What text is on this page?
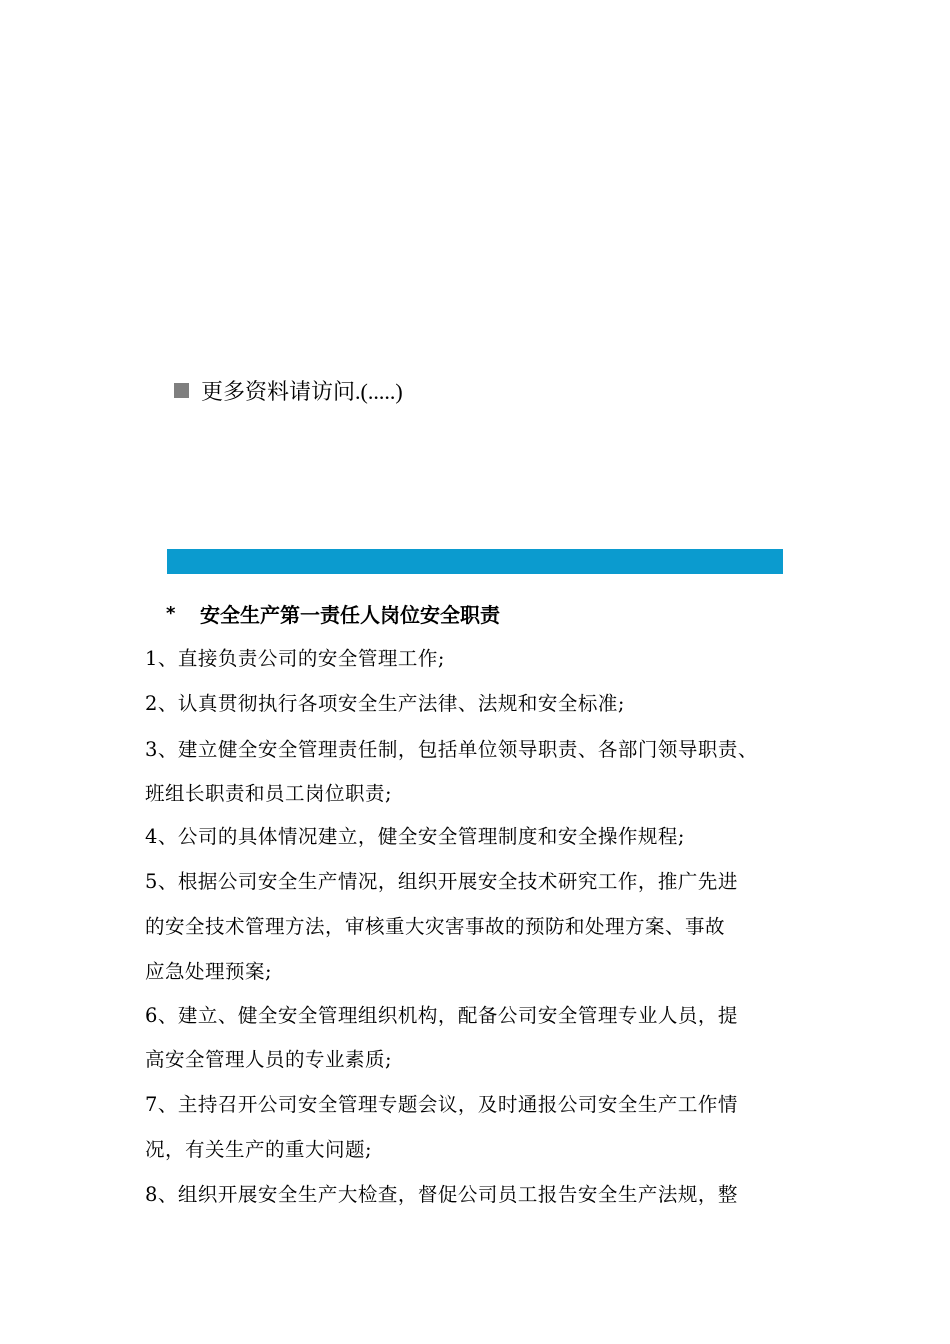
更多资料请访问.(.....)
*	安全生产第一责任人岗位安全职责
1、直接负责公司的安全管理工作;
2、认真贯彻执行各项安全生产法律、法规和安全标准;
3、建立健全安全管理责任制，包括单位领导职责、各部门领导职责、
班组长职责和员工岗位职责;
4、公司的具体情况建立，健全安全管理制度和安全操作规程;
5、根据公司安全生产情况，组织开展安全技术研究工作，推广先进
的安全技术管理方法，审核重大灾害事故的预防和处理方案、事故
应急处理预案;
6、建立、健全安全管理组织机构，配备公司安全管理专业人员，提
高安全管理人员的专业素质;
7、主持召开公司安全管理专题会议，及时通报公司安全生产工作情
况，有关生产的重大问题;
8、组织开展安全生产大检查，督促公司员工报告安全生产法规，整
